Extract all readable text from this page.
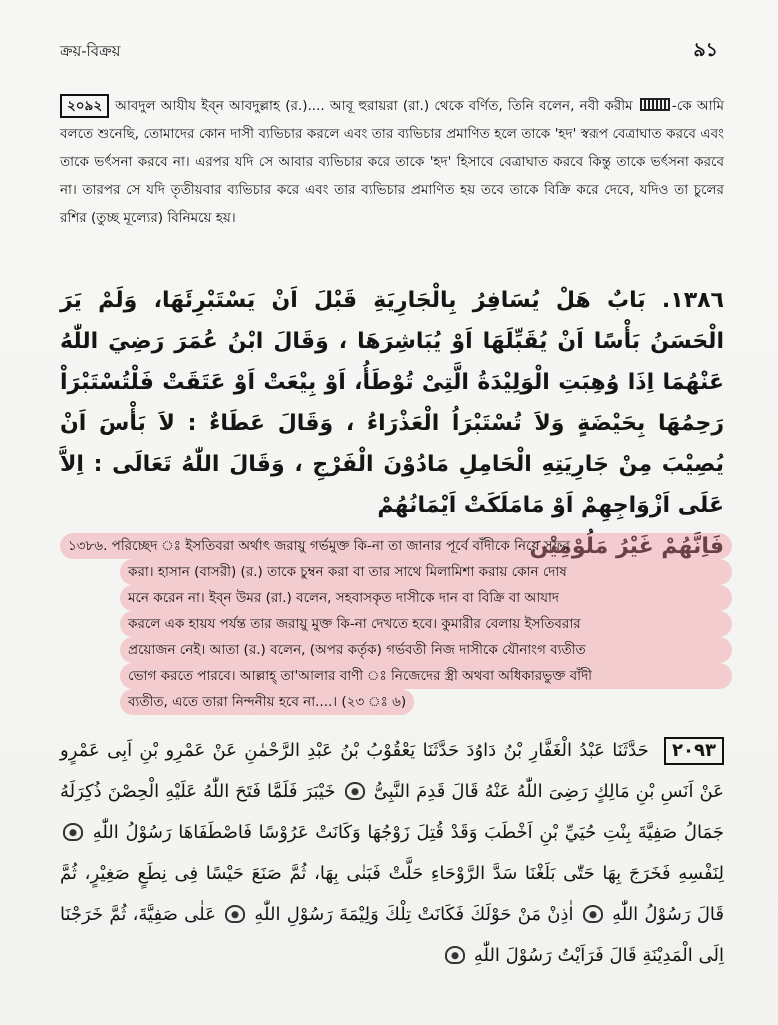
ক্রয়-বিক্রয়	৯১
২০৯২ আবদুল আযীয ইব্‌ন আবদুল্লাহ (র.).... আবূ হুরায়রা (রা.) থেকে বর্ণিত, তিনি বলেন, নবী করীম	-কে আমি বলতে শুনেছি, তোমাদের কোন দাসী ব্যভিচার করলে এবং তার ব্যভিচার প্রমাণিত হলে তাকে 'হদ' স্বরূপ বেত্রাঘাত করবে এবং তাকে ভর্ৎসনা করবে না। এরপর যদি সে আবার ব্যভিচার করে তাকে 'হদ' হিসাবে বেত্রাঘাত করবে কিন্তু তাকে ভর্ৎসনা করবে না। তারপর সে যদি তৃতীয়বার ব্যভিচার করে এবং তার ব্যভিচার প্রমাণিত হয় তবে তাকে বিক্রি করে দেবে, যদিও তা চুলের রশির (তুচ্ছ মূল্যের) বিনিময়ে হয়।
١٣٨٦. بَابٌ هَلْ يُسَافِرُ بِالْجَارِيَةِ قَبْلَ اَنْ يَسْتَبْرِئَهَا، وَلَمْ يَرَ الْحَسَنُ بَأْسًا اَنْ يُقَبِّلَهَا اَوْ يُبَاشِرَهَا ، وَقَالَ ابْنُ عُمَرَ رَضِيَ اللّٰهُ عَنْهُمَا اِذَا وُهِبَتِ الْوَلِيْدَةُ الَّتِىْ تُوْطَأُ، اَوْ بِيْعَتْ اَوْ عَتَقَتْ فَلْتُسْتَبْرَاْ رَحِمُهَا بِحَيْضَةٍ وَلاَ تُسْتَبْرَاُ الْعَذْرَاءُ ، وَقَالَ عَطَاءٌ : لاَ بَأْسَ اَنْ يُصِيْبَ مِنْ جَارِيَتِهِ الْحَامِلِ مَادُوْنَ الْفَرْجِ ، وَقَالَ اللّٰهُ تَعَالَى : اِلاَّ عَلَى اَزْوَاجِهِمْ اَوْ مَامَلَكَتْ اَيْمَانُهُمْ
فَاِنَّهُمْ غَيْرُ مَلُوْمِيْنَ
১৩৮৬. পরিচ্ছেদ ঃ ইসতিবরা অর্থাৎ জরায়ু গর্ভমুক্ত কি-না তা জানার পূর্বে বাঁদীকে নিয়ে সফর
করা। হাসান (বাসরী) (র.) তাকে চুম্বন করা বা তার সাথে মিলামিশা করায় কোন দোষ
মনে করেন না। ইব্‌ন উমর (রা.) বলেন, সহবাসকৃত দাসীকে দান বা বিক্রি বা আযাদ
করলে এক হায়য পর্যন্ত তার জরায়ু মুক্ত কি-না দেখতে হবে। কুমারীর বেলায় ইসতিবরার
প্রয়োজন নেই। আতা (র.) বলেন, (অপর কর্তৃক) গর্ভবতী নিজ দাসীকে যৌনাংগ ব্যতীত
ভোগ করতে পারবে। আল্লাহ্ তা'আলার বাণী ঃ নিজেদের স্ত্রী অথবা অধিকারভুক্ত বাঁদী
ব্যতীত, এতে তারা নিন্দনীয় হবে না....। (২৩ ঃ ৬)
٢٠٩٣ حَدَّثَنَا عَبْدُ الْغَفَّارِ بْنُ دَاوُدَ حَدَّثَنَا يَعْقُوْبُ بْنُ عَبْدِ الرَّحْمٰنِ عَنْ عَمْرِو بْنِ اَبِى عَمْرٍو عَنْ اَنَسِ بْنِ مَالِكٍ رَضِىَ اللّٰهُ عَنْهُ قَالَ قَدِمَ النَّبِىُّ  خَيْبَرَ فَلَمَّا فَتَحَ اللّٰهُ عَلَيْهِ الْحِصْنَ ذُكِرَلَهُ جَمَالُ صَفِيَّةَ بِنْتِ حُيَيِّ بْنِ اَخْطَبَ وَقَدْ قُتِلَ زَوْجُهَا وَكَانَتْ عَرُوْسًا فَاصْطَفَاهَا رَسُوْلُ اللّٰهِ  لِنَفْسِهِ فَخَرَجَ بِهَا حَتّٰى بَلَغْنَا سَدَّ الرَّوْحَاءِ حَلَّتْ فَبَنٰى بِهَا، ثُمَّ صَنَعَ حَيْسًا فِى نِطَعٍ صَغِيْرٍ، ثُمَّ قَالَ رَسُوْلُ اللّٰهِ  اٰذِنْ مَنْ حَوْلَكَ فَكَانَتْ تِلْكَ وَلِيْمَةَ رَسُوْلِ اللّٰهِ  عَلٰى صَفِيَّةَ، ثُمَّ خَرَجْنَا اِلَى الْمَدِيْنَةِ قَالَ فَرَاَيْتُ رَسُوْلَ اللّٰهِ
